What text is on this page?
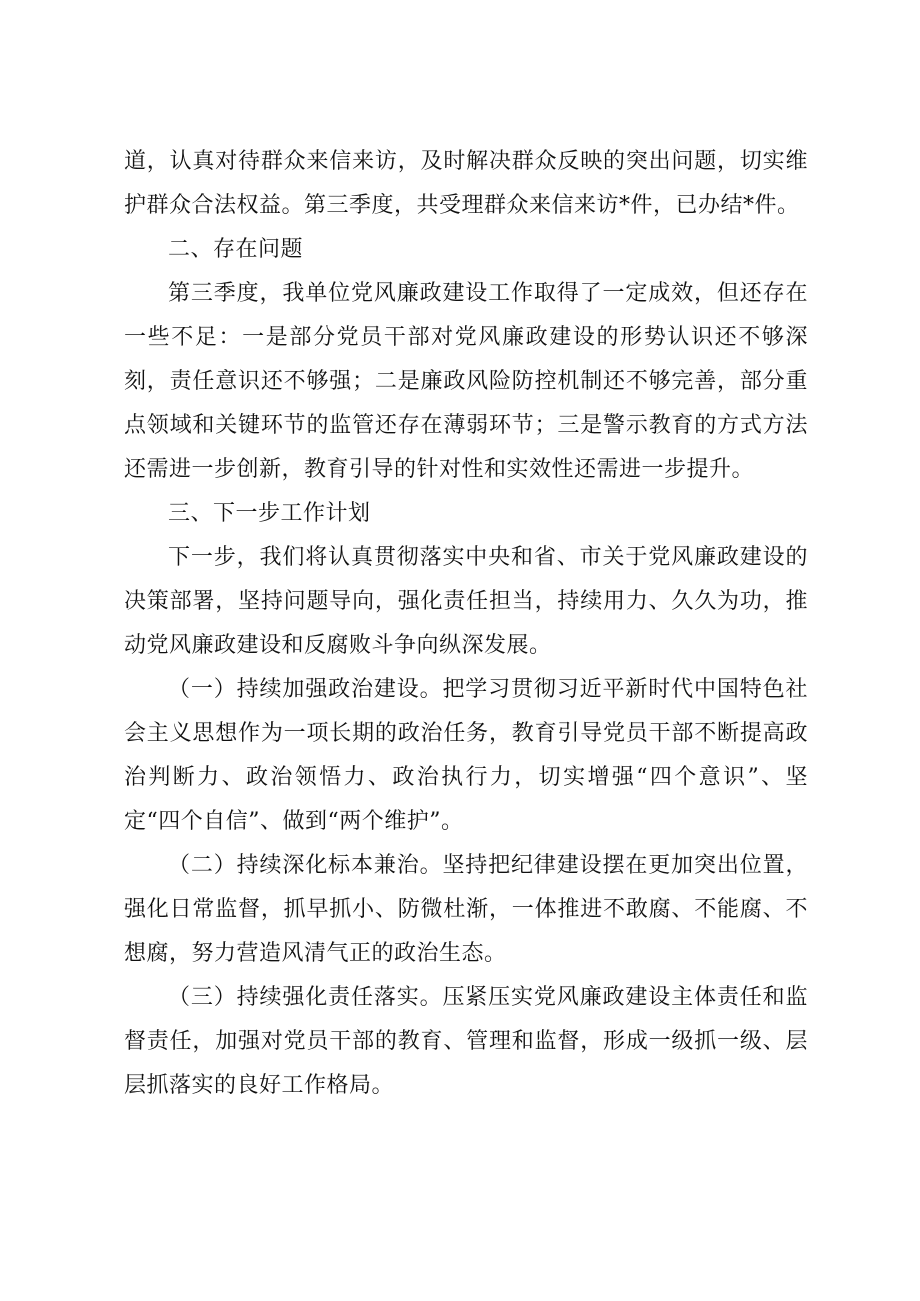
道，认真对待群众来信来访，及时解决群众反映的突出问题，切实维护群众合法权益。第三季度，共受理群众来信来访*件，已办结*件。

二、存在问题

第三季度，我单位党风廉政建设工作取得了一定成效，但还存在一些不足：一是部分党员干部对党风廉政建设的形势认识还不够深刻，责任意识还不够强；二是廉政风险防控机制还不够完善，部分重点领域和关键环节的监管还存在薄弱环节；三是警示教育的方式方法还需进一步创新，教育引导的针对性和实效性还需进一步提升。

三、下一步工作计划

下一步，我们将认真贯彻落实中央和省、市关于党风廉政建设的决策部署，坚持问题导向，强化责任担当，持续用力、久久为功，推动党风廉政建设和反腐败斗争向纵深发展。

（一）持续加强政治建设。把学习贯彻习近平新时代中国特色社会主义思想作为一项长期的政治任务，教育引导党员干部不断提高政治判断力、政治领悟力、政治执行力，切实增强“四个意识”、坚定“四个自信”、做到“两个维护”。

（二）持续深化标本兼治。坚持把纪律建设摆在更加突出位置，强化日常监督，抓早抓小、防微杜渐，一体推进不敢腐、不能腐、不想腐，努力营造风清气正的政治生态。

（三）持续强化责任落实。压紧压实党风廉政建设主体责任和监督责任，加强对党员干部的教育、管理和监督，形成一级抓一级、层层抓落实的良好工作格局。
